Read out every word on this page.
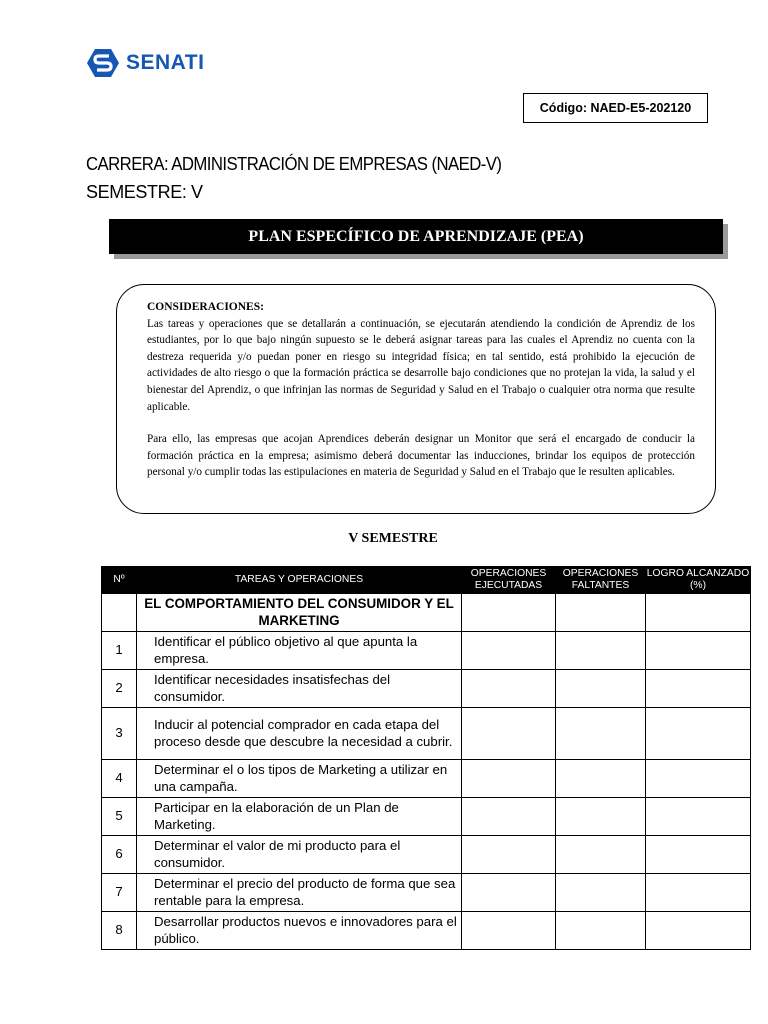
SENATI
Código: NAED-E5-202120
CARRERA: ADMINISTRACIÓN DE EMPRESAS (NAED-V)
SEMESTRE: V
PLAN ESPECÍFICO DE APRENDIZAJE (PEA)
CONSIDERACIONES:

Las tareas y operaciones que se detallarán a continuación, se ejecutarán atendiendo la condición de Aprendiz de los estudiantes, por lo que bajo ningún supuesto se le deberá asignar tareas para las cuales el Aprendiz no cuenta con la destreza requerida y/o puedan poner en riesgo su integridad física; en tal sentido, está prohibido la ejecución de actividades de alto riesgo o que la formación práctica se desarrolle bajo condiciones que no protejan la vida, la salud y el bienestar del Aprendiz, o que infrinjan las normas de Seguridad y Salud en el Trabajo o cualquier otra norma que resulte aplicable.

Para ello, las empresas que acojan Aprendices deberán designar un Monitor que será el encargado de conducir la formación práctica en la empresa; asimismo deberá documentar las inducciones, brindar los equipos de protección personal y/o cumplir todas las estipulaciones en materia de Seguridad y Salud en el Trabajo que le resulten aplicables.

V SEMESTRE
Nº	TAREAS Y OPERACIONES	OPERACIONES EJECUTADAS	OPERACIONES FALTANTES	LOGRO ALCANZADO (%)
	EL COMPORTAMIENTO DEL CONSUMIDOR Y EL MARKETING			
1	Identificar el público objetivo al que apunta la empresa.			
2	Identificar necesidades insatisfechas del consumidor.			
3	Inducir al potencial comprador en cada etapa del proceso desde que descubre la necesidad a cubrir.			
4	Determinar el o los tipos de Marketing a utilizar en una campaña.			
5	Participar en la elaboración de un Plan de Marketing.			
6	Determinar el valor de mi producto para el consumidor.			
7	Determinar el precio del producto de forma que sea rentable para la empresa.			
8	Desarrollar productos nuevos e innovadores para el público.			
